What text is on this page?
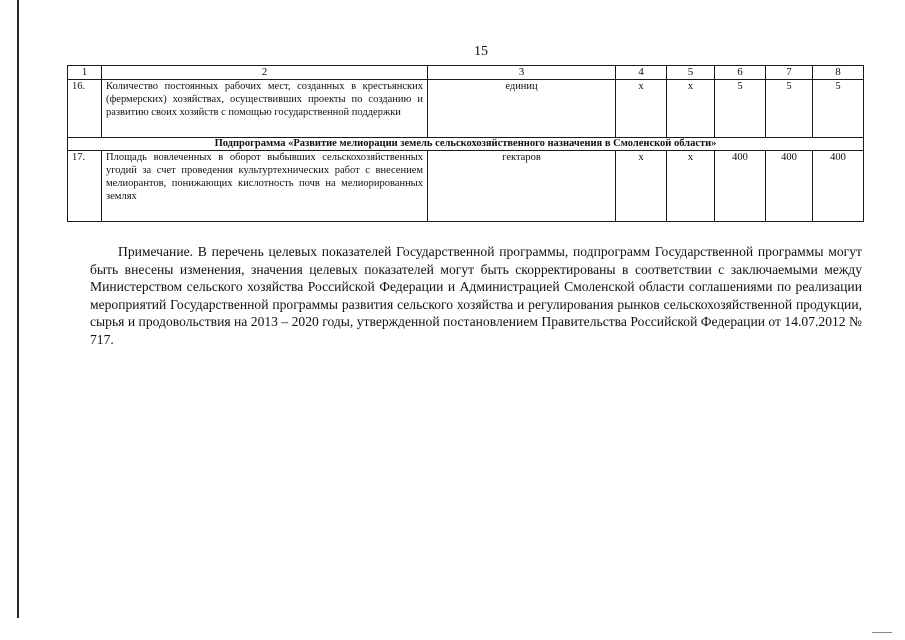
15
1	2	3	4	5	6	7	8
16.	Количество постоянных рабочих мест, созданных в крестьянских (фермерских) хозяйствах, осуществивших проекты по созданию и развитию своих хозяйств с помощью государственной поддержки	единиц	х	х	5	5	5
Подпрограмма «Развитие мелиорации земель сельскохозяйственного назначения в Смоленской области»							
17.	Площадь вовлеченных в оборот выбывших сельскохозяйственных угодий за счет проведения культуртехнических работ с внесением мелиорантов, понижающих кислотность почв на мелиорированных землях	гектаров	х	х	400	400	400

Примечание. В перечень целевых показателей Государственной программы, подпрограмм Государственной программы могут быть внесены изменения, значения целевых показателей могут быть скорректированы в соответствии с заключаемыми между Министерством сельского хозяйства Российской Федерации и Администрацией Смоленской области соглашениями по реализации мероприятий Государственной программы развития сельского хозяйства и регулирования рынков сельскохозяйственной продукции, сырья и продовольствия на 2013 – 2020 годы, утвержденной постановлением Правительства Российской Федерации от 14.07.2012 № 717.
